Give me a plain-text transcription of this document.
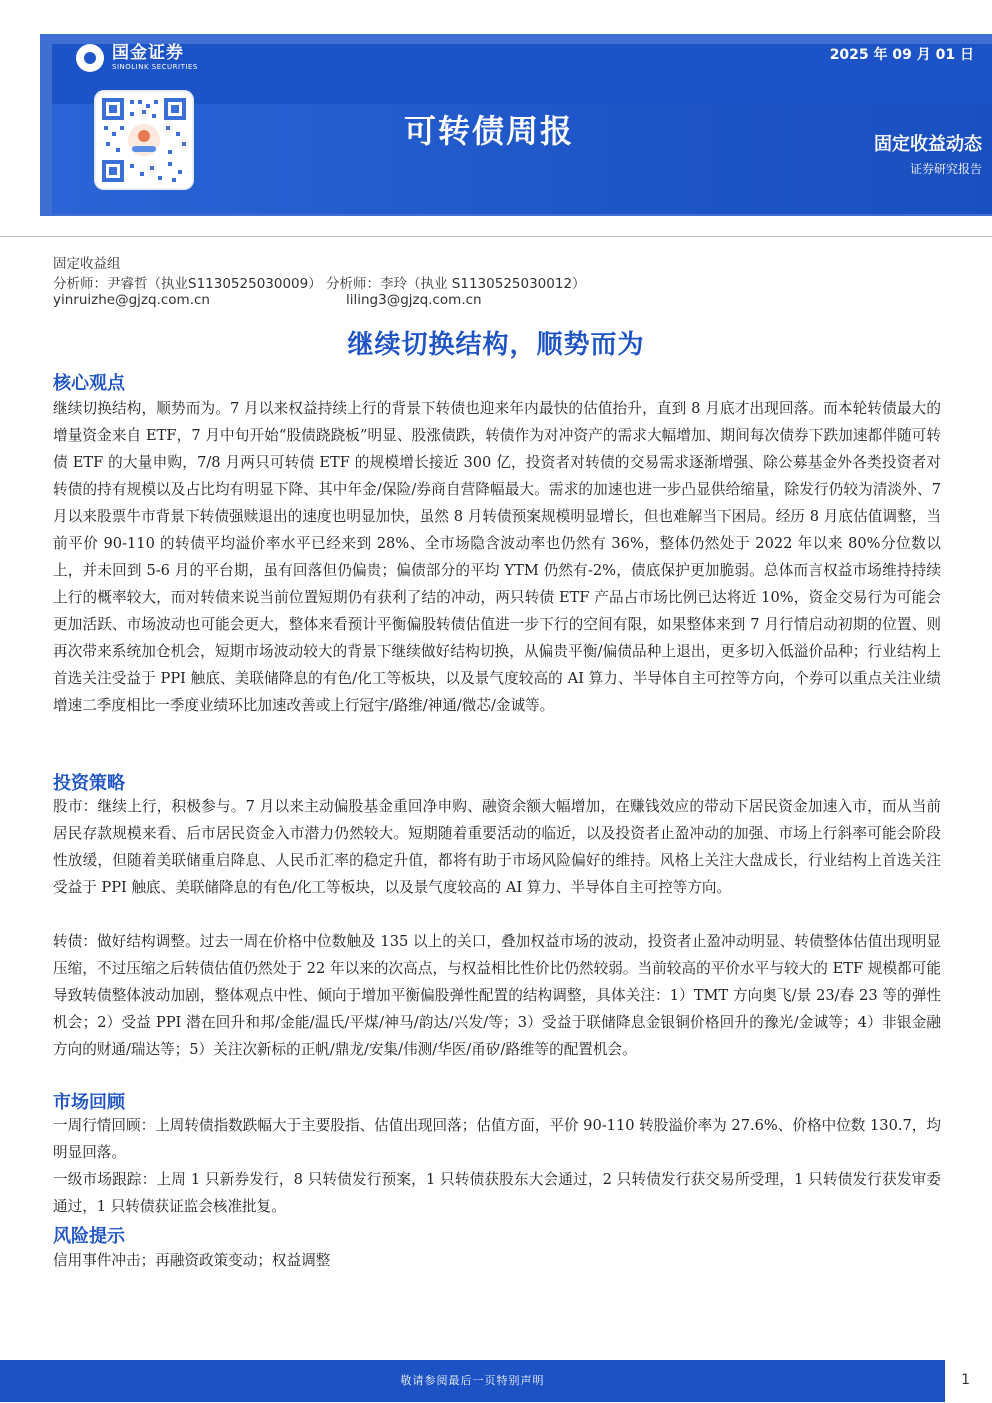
国金证券
SINOLINK SECURITIES
2025 年 09 月 01 日
可转债周报	固定收益动态
证券研究报告
固定收益组
分析师：尹睿哲（执业S1130525030009） 分析师：李玲（执业 S1130525030012）
yinruizhe@gjzq.com.cn	liling3@gjzq.com.cn
继续切换结构，顺势而为
核心观点
继续切换结构，顺势而为。7 月以来权益持续上行的背景下转债也迎来年内最快的估值抬升，直到 8 月底才出现回落。而本轮转债最大的增量资金来自 ETF，7 月中旬开始“股债跷跷板”明显、股涨债跌，转债作为对冲资产的需求大幅增加、期间每次债券下跌加速都伴随可转债 ETF 的大量申购，7/8 月两只可转债 ETF 的规模增长接近 300 亿，投资者对转债的交易需求逐渐增强、除公募基金外各类投资者对转债的持有规模以及占比均有明显下降、其中年金/保险/券商自营降幅最大。需求的加速也进一步凸显供给缩量，除发行仍较为清淡外、7 月以来股票牛市背景下转债强赎退出的速度也明显加快，虽然 8 月转债预案规模明显增长，但也难解当下困局。经历 8 月底估值调整，当前平价 90-110 的转债平均溢价率水平已经来到 28%、全市场隐含波动率也仍然有 36%，整体仍然处于 2022 年以来 80%分位数以上，并未回到 5-6 月的平台期，虽有回落但仍偏贵；偏债部分的平均 YTM 仍然有-2%，债底保护更加脆弱。总体而言权益市场维持持续上行的概率较大，而对转债来说当前位置短期仍有获利了结的冲动，两只转债 ETF 产品占市场比例已达将近 10%，资金交易行为可能会更加活跃、市场波动也可能会更大，整体来看预计平衡偏股转债估值进一步下行的空间有限，如果整体来到 7 月行情启动初期的位置、则再次带来系统加仓机会，短期市场波动较大的背景下继续做好结构切换，从偏贵平衡/偏债品种上退出，更多切入低溢价品种；行业结构上首选关注受益于 PPI 触底、美联储降息的有色/化工等板块，以及景气度较高的 AI 算力、半导体自主可控等方向，个券可以重点关注业绩增速二季度相比一季度业绩环比加速改善或上行冠宇/路维/神通/微芯/金诚等。
投资策略
股市：继续上行，积极参与。7 月以来主动偏股基金重回净申购、融资余额大幅增加，在赚钱效应的带动下居民资金加速入市，而从当前居民存款规模来看、后市居民资金入市潜力仍然较大。短期随着重要活动的临近，以及投资者止盈冲动的加强、市场上行斜率可能会阶段性放缓，但随着美联储重启降息、人民币汇率的稳定升值，都将有助于市场风险偏好的维持。风格上关注大盘成长，行业结构上首选关注受益于 PPI 触底、美联储降息的有色/化工等板块，以及景气度较高的 AI 算力、半导体自主可控等方向。
转债：做好结构调整。过去一周在价格中位数触及 135 以上的关口，叠加权益市场的波动，投资者止盈冲动明显、转债整体估值出现明显压缩，不过压缩之后转债估值仍然处于 22 年以来的次高点，与权益相比性价比仍然较弱。当前较高的平价水平与较大的 ETF 规模都可能导致转债整体波动加剧，整体观点中性、倾向于增加平衡偏股弹性配置的结构调整，具体关注：1）TMT 方向奥飞/景 23/春 23 等的弹性机会；2）受益 PPI 潜在回升和邦/金能/温氏/平煤/神马/韵达/兴发/等；3）受益于联储降息金银铜价格回升的豫光/金诚等；4）非银金融方向的财通/瑞达等；5）关注次新标的正帆/鼎龙/安集/伟测/华医/甬矽/路维等的配置机会。
市场回顾
一周行情回顾：上周转债指数跌幅大于主要股指、估值出现回落；估值方面，平价 90-110 转股溢价率为 27.6%、价格中位数 130.7，均明显回落。
一级市场跟踪：上周 1 只新券发行，8 只转债发行预案，1 只转债获股东大会通过，2 只转债发行获交易所受理，1 只转债发行获发审委通过，1 只转债获证监会核准批复。
风险提示
信用事件冲击；再融资政策变动；权益调整
敬请参阅最后一页特别声明	1
